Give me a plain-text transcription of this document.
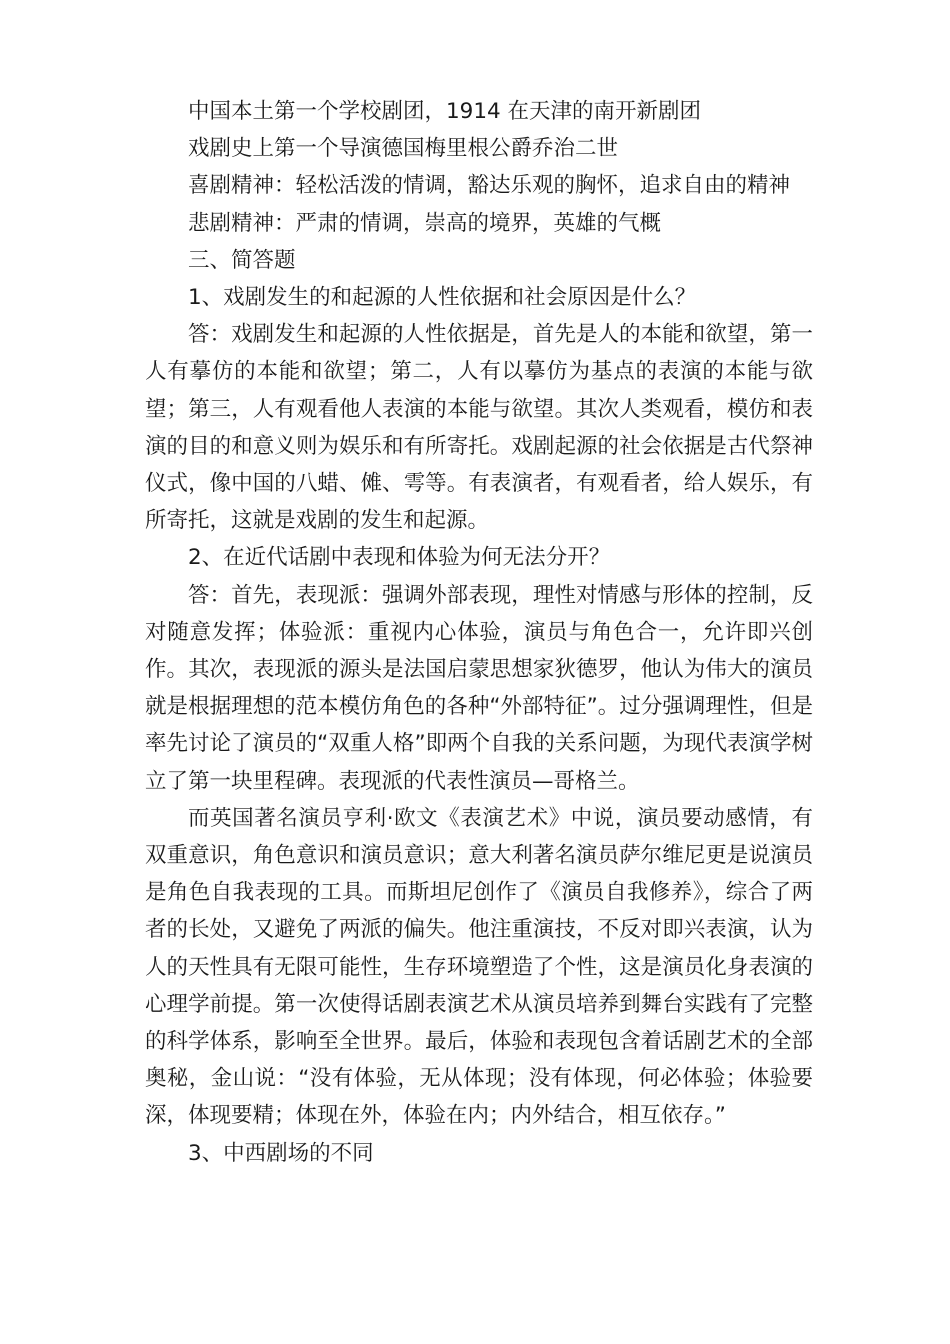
中国本土第一个学校剧团，1914 在天津的南开新剧团
戏剧史上第一个导演德国梅里根公爵乔治二世
喜剧精神：轻松活泼的情调，豁达乐观的胸怀，追求自由的精神
悲剧精神：严肃的情调，崇高的境界，英雄的气概
三、简答题
1、戏剧发生的和起源的人性依据和社会原因是什么？

答：戏剧发生和起源的人性依据是，首先是人的本能和欲望，第一人有摹仿的本能和欲望；第二，人有以摹仿为基点的表演的本能与欲望；第三，人有观看他人表演的本能与欲望。其次人类观看，模仿和表演的目的和意义则为娱乐和有所寄托。戏剧起源的社会依据是古代祭神仪式，像中国的八蜡、傩、雩等。有表演者，有观看者，给人娱乐，有所寄托，这就是戏剧的发生和起源。

2、在近代话剧中表现和体验为何无法分开？

答：首先，表现派：强调外部表现，理性对情感与形体的控制，反对随意发挥；体验派：重视内心体验，演员与角色合一，允许即兴创作。其次，表现派的源头是法国启蒙思想家狄德罗，他认为伟大的演员就是根据理想的范本模仿角色的各种“外部特征”。过分强调理性，但是率先讨论了演员的“双重人格”即两个自我的关系问题，为现代表演学树立了第一块里程碑。表现派的代表性演员—哥格兰。

而英国著名演员亨利·欧文《表演艺术》中说，演员要动感情，有双重意识，角色意识和演员意识；意大利著名演员萨尔维尼更是说演员是角色自我表现的工具。而斯坦尼创作了《演员自我修养》，综合了两者的长处，又避免了两派的偏失。他注重演技，不反对即兴表演，认为人的天性具有无限可能性，生存环境塑造了个性，这是演员化身表演的心理学前提。第一次使得话剧表演艺术从演员培养到舞台实践有了完整的科学体系，影响至全世界。最后，体验和表现包含着话剧艺术的全部奥秘，金山说：“没有体验，无从体现；没有体现，何必体验；体验要深，体现要精；体现在外，体验在内；内外结合，相互依存。”

3、中西剧场的不同
